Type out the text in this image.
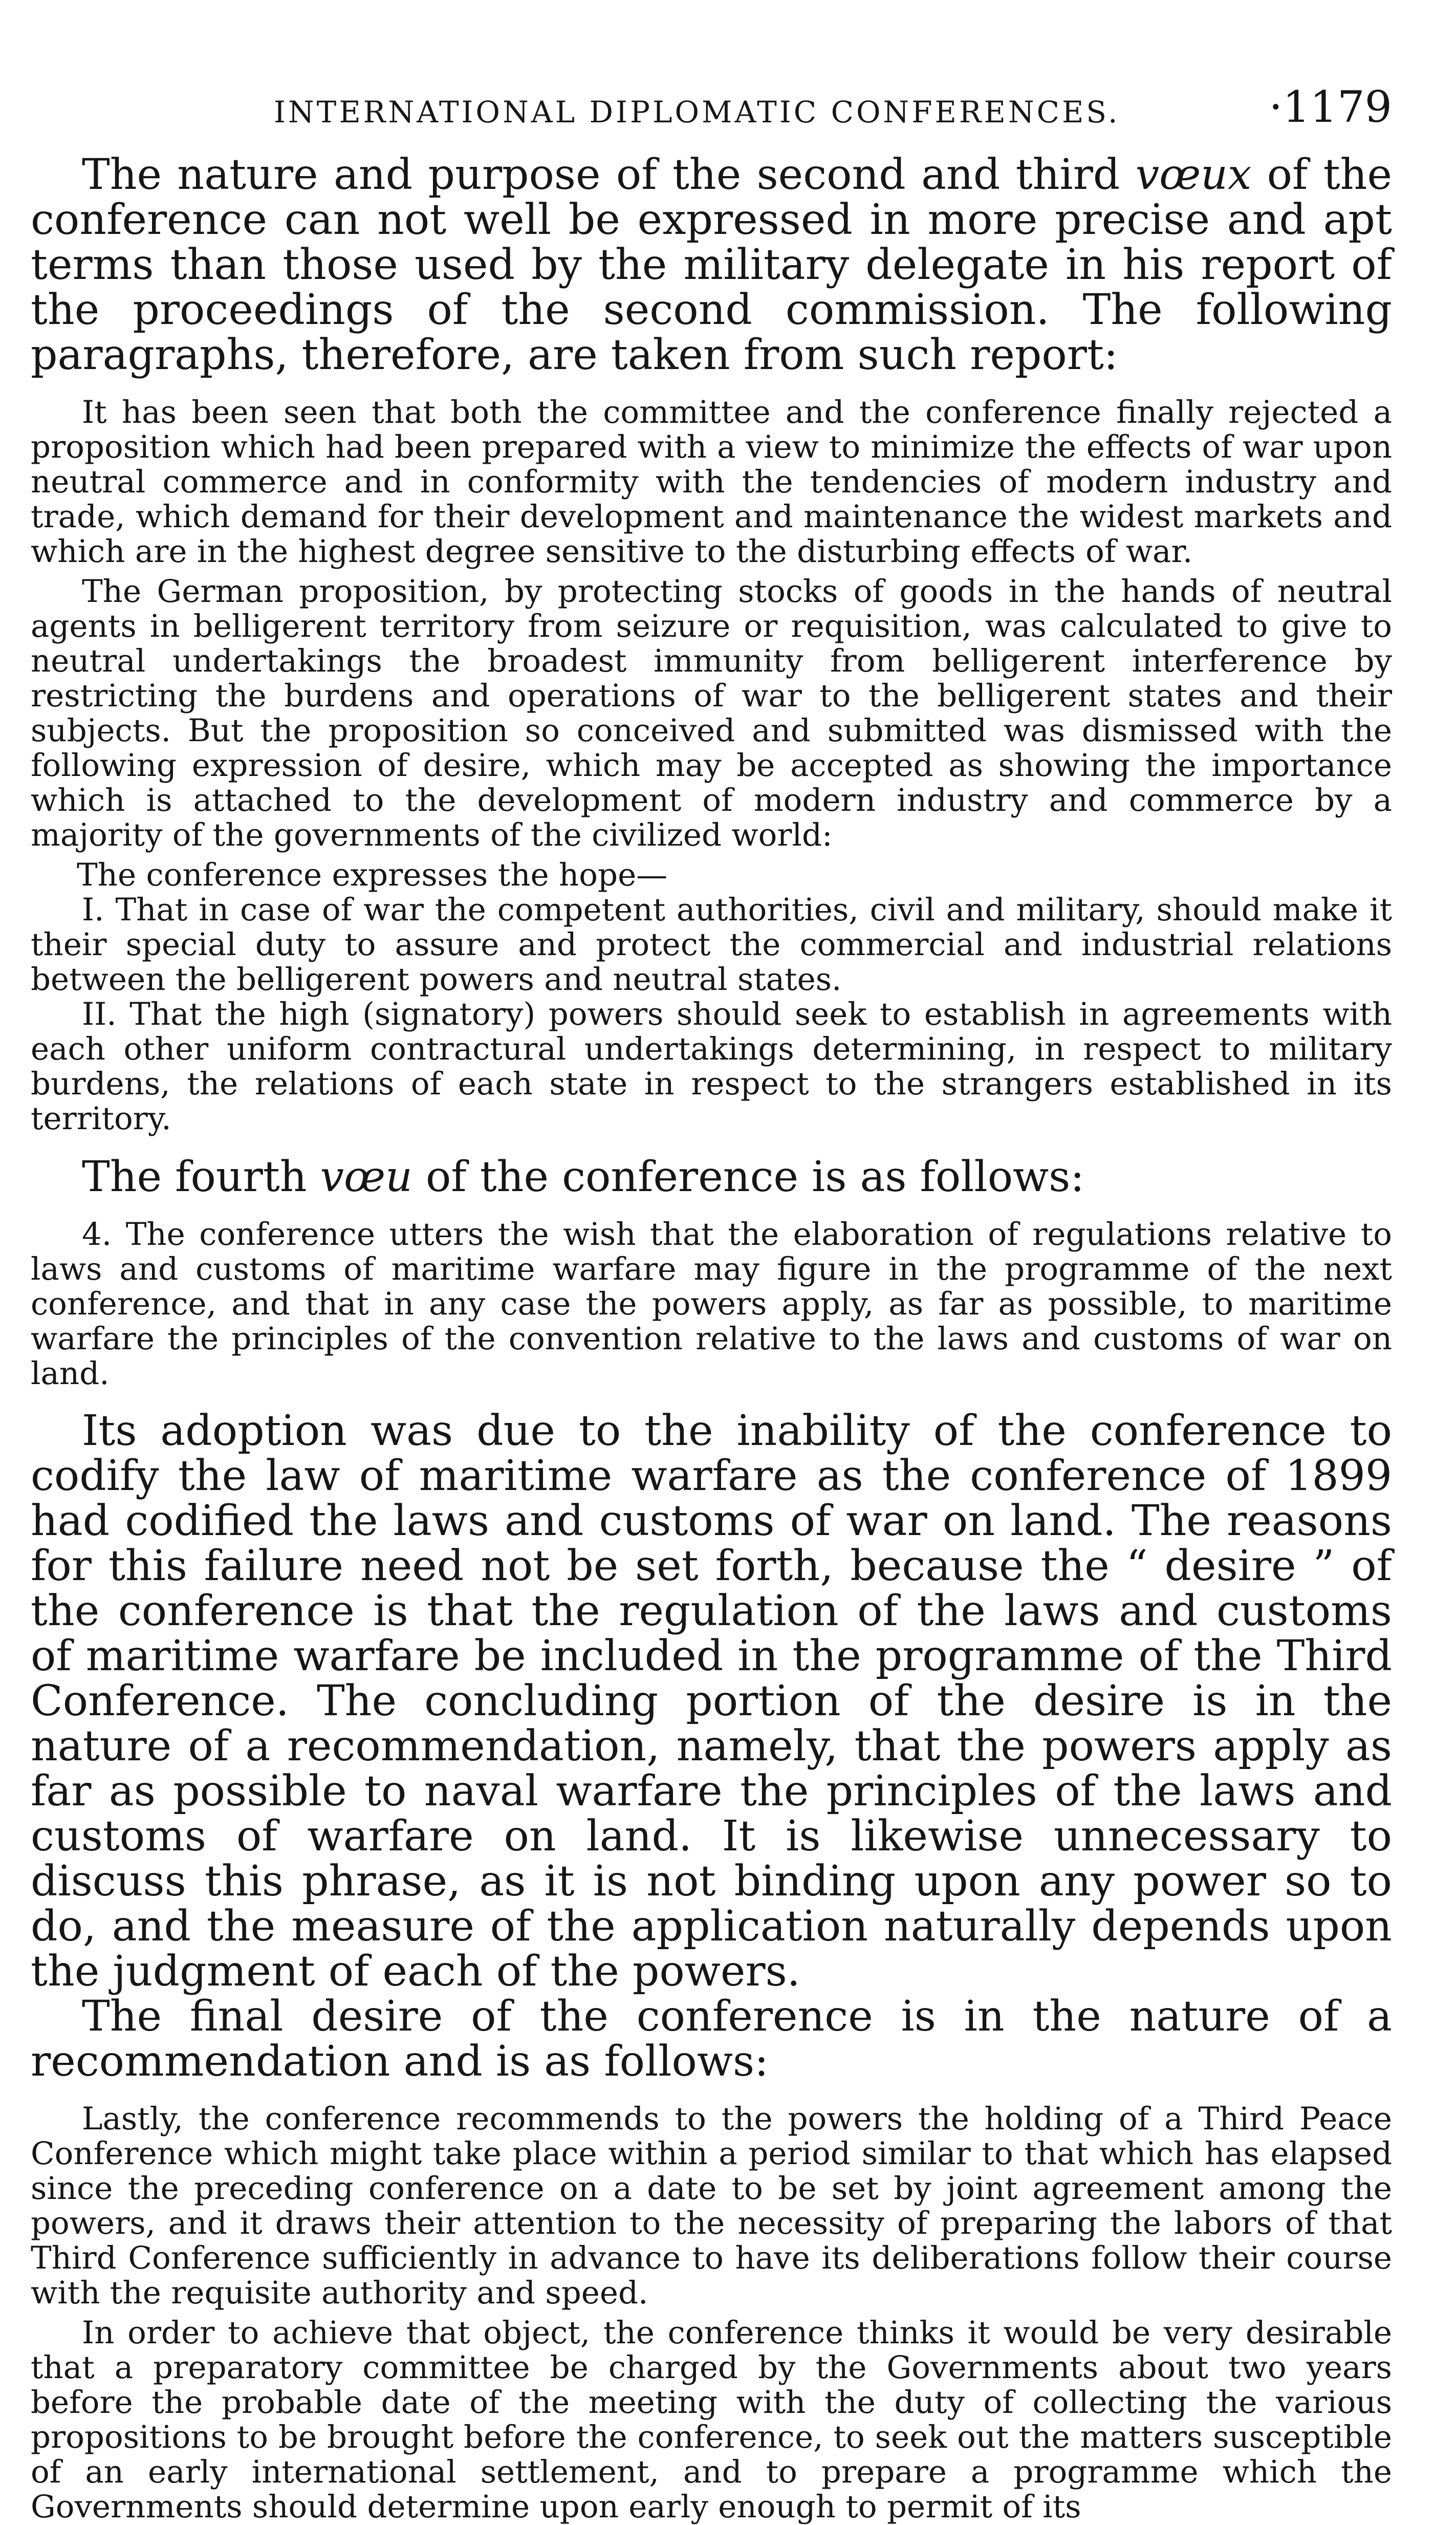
INTERNATIONAL DIPLOMATIC CONFERENCES.	·1179

The nature and purpose of the second and third vœux of the conference can not well be expressed in more precise and apt terms than those used by the military delegate in his report of the proceedings of the second commission. The following paragraphs, therefore, are taken from such report:

It has been seen that both the committee and the conference finally rejected a proposition which had been prepared with a view to minimize the effects of war upon neutral commerce and in conformity with the tendencies of modern industry and trade, which demand for their development and maintenance the widest markets and which are in the highest degree sensitive to the disturbing effects of war.

The German proposition, by protecting stocks of goods in the hands of neutral agents in belligerent territory from seizure or requisition, was calculated to give to neutral undertakings the broadest immunity from belligerent interference by restricting the burdens and operations of war to the belligerent states and their subjects. But the proposition so conceived and submitted was dismissed with the following expression of desire, which may be accepted as showing the importance which is attached to the development of modern industry and commerce by a majority of the governments of the civilized world:

The conference expresses the hope—

I. That in case of war the competent authorities, civil and military, should make it their special duty to assure and protect the commercial and industrial relations between the belligerent powers and neutral states.

II. That the high (signatory) powers should seek to establish in agreements with each other uniform contractural undertakings determining, in respect to military burdens, the relations of each state in respect to the strangers established in its territory.

The fourth vœu of the conference is as follows:

4. The conference utters the wish that the elaboration of regulations relative to laws and customs of maritime warfare may figure in the programme of the next conference, and that in any case the powers apply, as far as possible, to maritime warfare the principles of the convention relative to the laws and customs of war on land.

Its adoption was due to the inability of the conference to codify the law of maritime warfare as the conference of 1899 had codified the laws and customs of war on land. The reasons for this failure need not be set forth, because the “ desire ” of the conference is that the regulation of the laws and customs of maritime warfare be included in the programme of the Third Conference. The concluding portion of the desire is in the nature of a recommendation, namely, that the powers apply as far as possible to naval warfare the principles of the laws and customs of warfare on land. It is likewise unnecessary to discuss this phrase, as it is not binding upon any power so to do, and the measure of the application naturally depends upon the judgment of each of the powers.

The final desire of the conference is in the nature of a recommendation and is as follows:

Lastly, the conference recommends to the powers the holding of a Third Peace Conference which might take place within a period similar to that which has elapsed since the preceding conference on a date to be set by joint agreement among the powers, and it draws their attention to the necessity of preparing the labors of that Third Conference sufficiently in advance to have its deliberations follow their course with the requisite authority and speed.

In order to achieve that object, the conference thinks it would be very desirable that a preparatory committee be charged by the Governments about two years before the probable date of the meeting with the duty of collecting the various propositions to be brought before the conference, to seek out the matters susceptible of an early international settlement, and to prepare a programme which the Governments should determine upon early enough to permit of its
